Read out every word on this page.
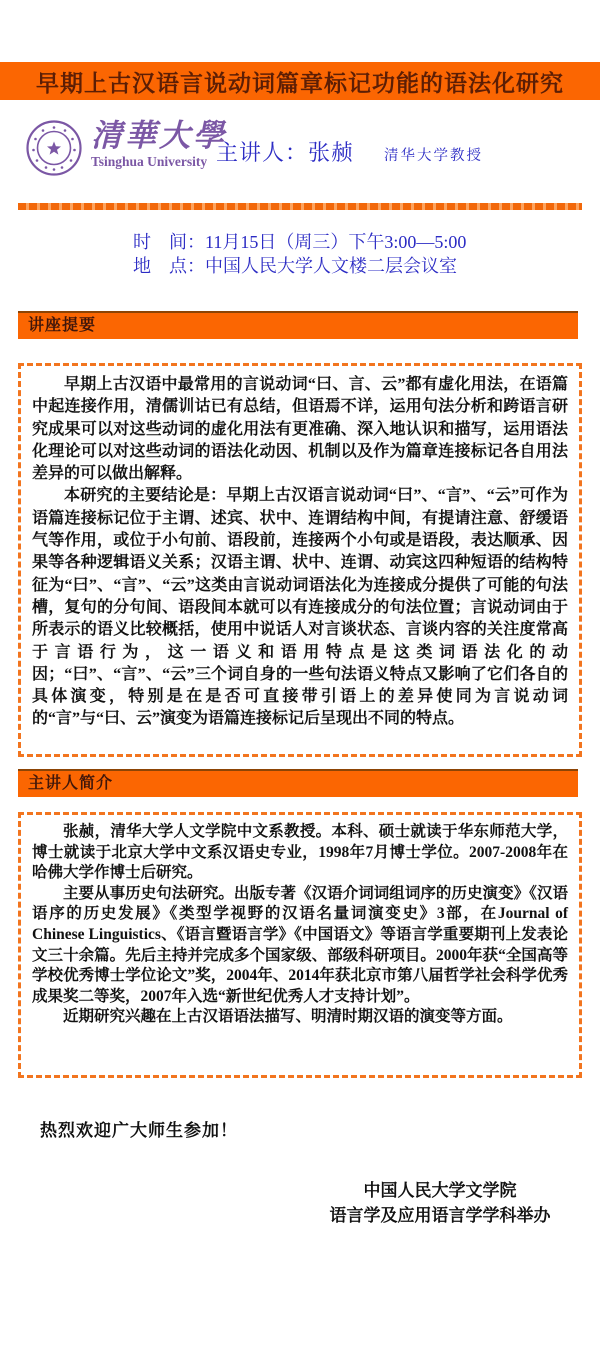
早期上古汉语言说动词篇章标记功能的语法化研究
清華大學
Tsinghua University 主讲人：张赪 清华大学教授
时　间：11月15日（周三）下午3:00—5:00
地　点：中国人民大学人文楼二层会议室
讲座提要

早期上古汉语中最常用的言说动词“曰、言、云”都有虚化用法，在语篇中起连接作用，清儒训诂已有总结，但语焉不详，运用句法分析和跨语言研究成果可以对这些动词的虚化用法有更准确、深入地认识和描写，运用语法化理论可以对这些动词的语法化动因、机制以及作为篇章连接标记各自用法差异的可以做出解释。

本研究的主要结论是：早期上古汉语言说动词“曰”、“言”、“云”可作为语篇连接标记位于主谓、述宾、状中、连谓结构中间，有提请注意、舒缓语气等作用，或位于小句前、语段前，连接两个小句或是语段，表达顺承、因果等各种逻辑语义关系；汉语主谓、状中、连谓、动宾这四种短语的结构特征为“曰”、“言”、“云”这类由言说动词语法化为连接成分提供了可能的句法槽，复句的分句间、语段间本就可以有连接成分的句法位置；言说动词由于所表示的语义比较概括，使用中说话人对言谈状态、言谈内容的关注度常高于言语行为，这一语义和语用特点是这类词语法化的动因；“曰”、“言”、“云”三个词自身的一些句法语义特点又影响了它们各自的具体演变，特别是在是否可直接带引语上的差异使同为言说动词的“言”与“曰、云”演变为语篇连接标记后呈现出不同的特点。

主讲人简介

张赪，清华大学人文学院中文系教授。本科、硕士就读于华东师范大学，博士就读于北京大学中文系汉语史专业，1998年7月博士学位。2007-2008年在哈佛大学作博士后研究。

主要从事历史句法研究。出版专著《汉语介词词组词序的历史演变》《汉语语序的历史发展》《类型学视野的汉语名量词演变史》3部，在Journal of Chinese Linguistics、《语言暨语言学》《中国语文》等语言学重要期刊上发表论文三十余篇。先后主持并完成多个国家级、部级科研项目。2000年获“全国高等学校优秀博士学位论文”奖，2004年、2014年获北京市第八届哲学社会科学优秀成果奖二等奖，2007年入选“新世纪优秀人才支持计划”。

近期研究兴趣在上古汉语语法描写、明清时期汉语的演变等方面。

热烈欢迎广大师生参加！
中国人民大学文学院
语言学及应用语言学学科举办
